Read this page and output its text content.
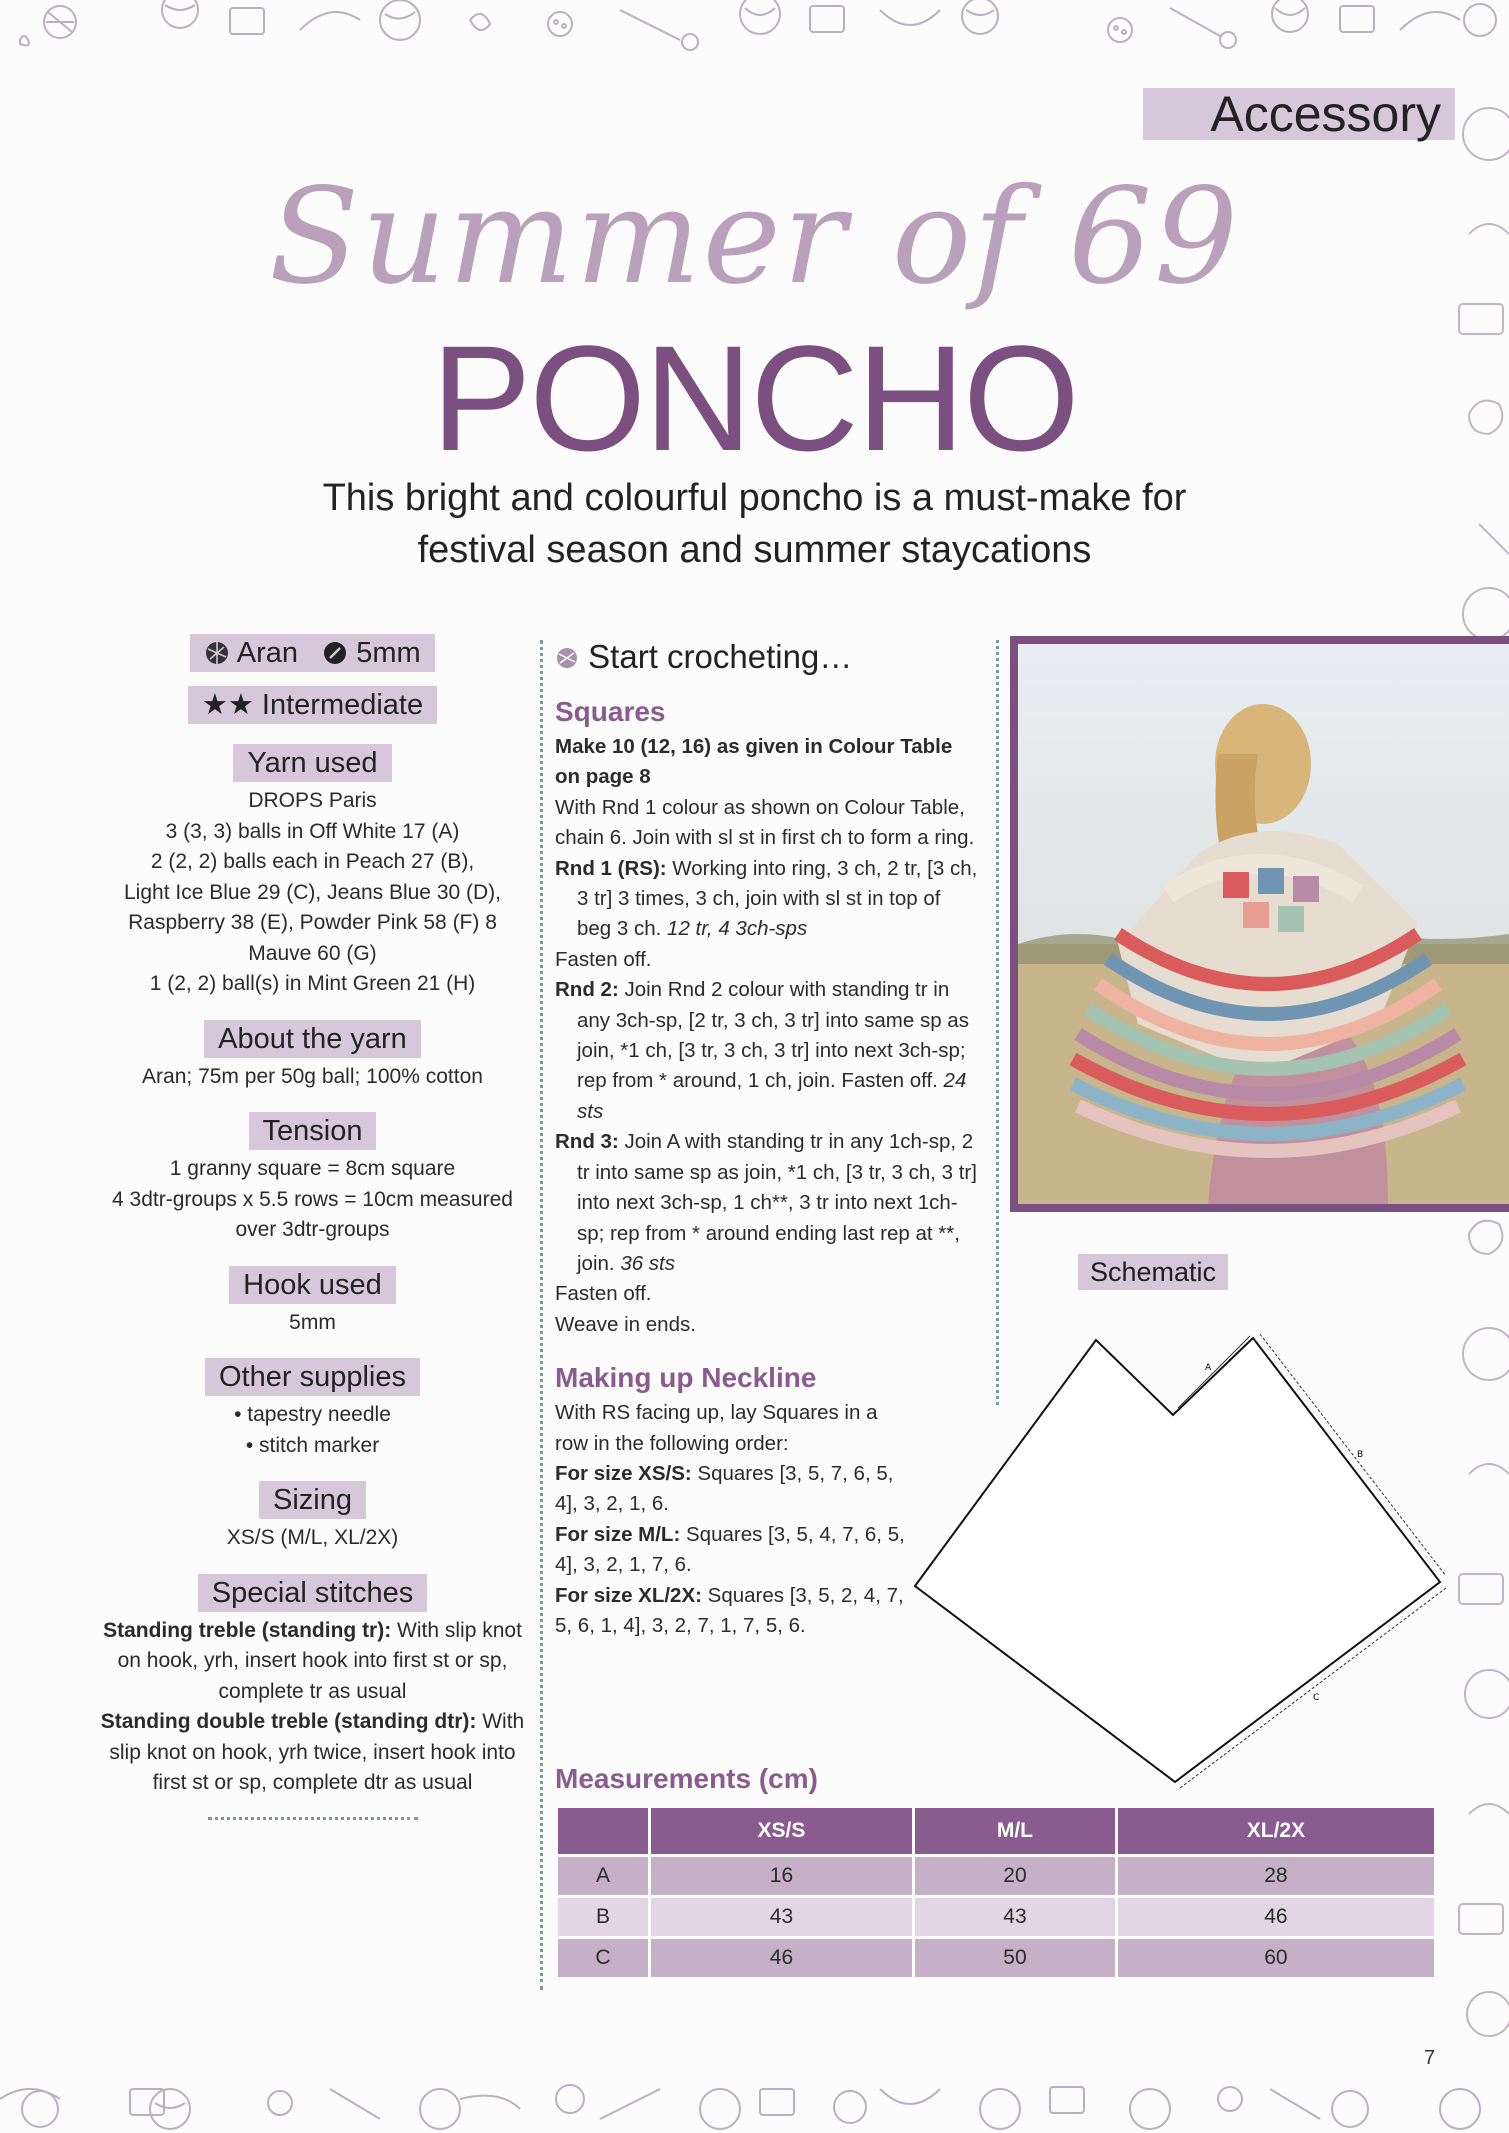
Accessory
Summer of 69
PONCHO
This bright and colourful poncho is a must-make for
festival season and summer staycations
Aran 5mm
★★ Intermediate
Yarn used

DROPS Paris

3 (3, 3) balls in Off White 17 (A)

2 (2, 2) balls each in Peach 27 (B),

Light Ice Blue 29 (C), Jeans Blue 30 (D),

Raspberry 38 (E), Powder Pink 58 (F) 8

Mauve 60 (G)

1 (2, 2) ball(s) in Mint Green 21 (H)

About the yarn

Aran; 75m per 50g ball; 100% cotton

Tension

1 granny square = 8cm square

4 3dtr-groups x 5.5 rows = 10cm measured

over 3dtr-groups

Hook used

5mm

Other supplies

• tapestry needle

• stitch marker

Sizing

XS/S (M/L, XL/2X)

Special stitches

Standing treble (standing tr): With slip knot on hook, yrh, insert hook into first st or sp, complete tr as usual

Standing double treble (standing dtr): With slip knot on hook, yrh twice, insert hook into first st or sp, complete dtr as usual

Start crocheting…

Squares

Make 10 (12, 16) as given in Colour Table on page 8

With Rnd 1 colour as shown on Colour Table, chain 6. Join with sl st in first ch to form a ring.

Rnd 1 (RS): Working into ring, 3 ch, 2 tr, [3 ch, 3 tr] 3 times, 3 ch, join with sl st in top of beg 3 ch. 12 tr, 4 3ch-sps

Fasten off.

Rnd 2: Join Rnd 2 colour with standing tr in any 3ch-sp, [2 tr, 3 ch, 3 tr] into same sp as join, *1 ch, [3 tr, 3 ch, 3 tr] into next 3ch-sp; rep from * around, 1 ch, join. Fasten off. 24 sts

Rnd 3: Join A with standing tr in any 1ch-sp, 2 tr into same sp as join, *1 ch, [3 tr, 3 ch, 3 tr] into next 3ch-sp, 1 ch**, 3 tr into next 1ch-sp; rep from * around ending last rep at **, join. 36 sts

Fasten off.

Weave in ends.

Making up Neckline

With RS facing up, lay Squares in a row in the following order:

For size XS/S: Squares [3, 5, 7, 6, 5, 4], 3, 2, 1, 6.

For size M/L: Squares [3, 5, 4, 7, 6, 5, 4], 3, 2, 1, 7, 6.

For size XL/2X: Squares [3, 5, 2, 4, 7, 5, 6, 1, 4], 3, 2, 7, 1, 7, 5, 6.

Schematic
A
B
C
Measurements (cm)
	XS/S	M/L	XL/2X
A	16	20	28
B	43	43	46
C	46	50	60
7
